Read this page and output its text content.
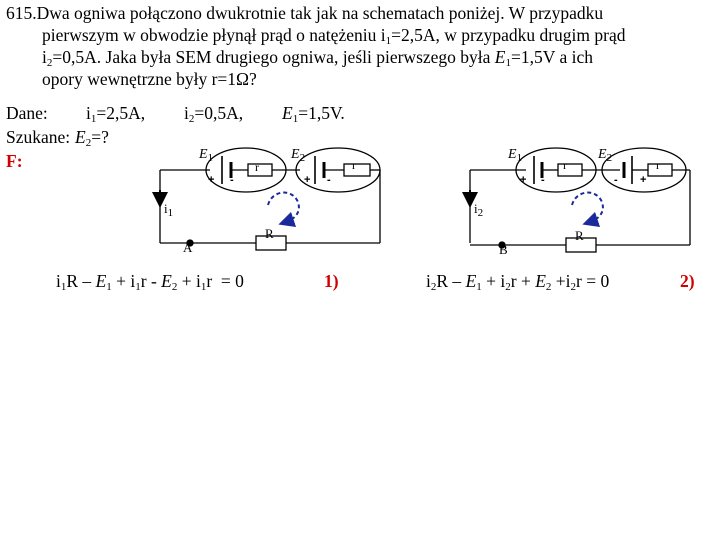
615.Dwa ogniwa połączono dwukrotnie tak jak na schematach poniżej. W przypadku

pierwszym w obwodzie płynął prąd o natężeniu $i_1=2,5A$, w przypadku drugim prąd

$i_2=0,5A$. Jaka była SEM drugiego ogniwa, jeśli pierwszego była $E_1=1,5V$ a ich

opory wewnętrzne były r=1Ω?

Dane: $i_1=2,5A$, $i_2=0,5A$, $E_1=1,5V$.
Szukane: $E_2=$?
F:	$E_1$	$E_2$
r	r
+ -	+ -
$i_1$
R
A
$E_1$	$E_2$
r	r
+ -	- +
$i_2$
R
B
$i_1R - E_1 + i_1r - E_2 + i_1r = 0$	1)	$i_2R - E_1 + i_2r + E_2 +i_2r = 0$	2)
